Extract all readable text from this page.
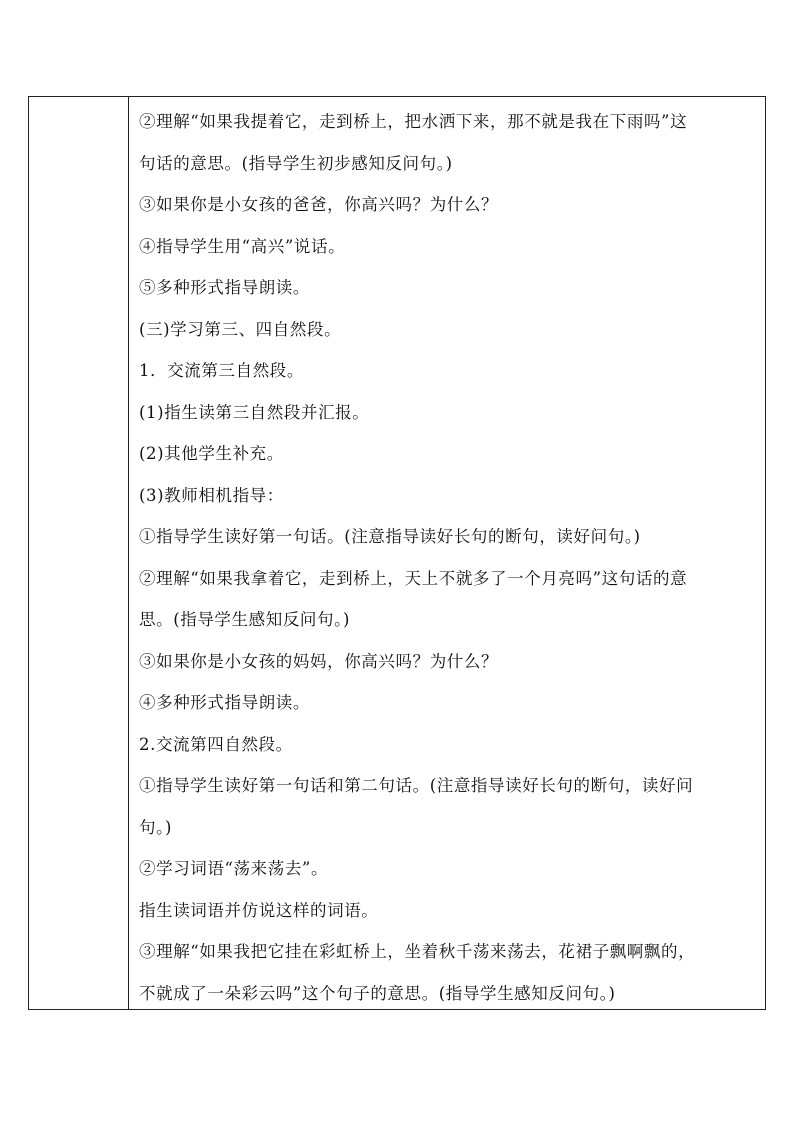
②理解“如果我提着它，走到桥上，把水洒下来，那不就是我在下雨吗”这
句话的意思。(指导学生初步感知反问句。)
③如果你是小女孩的爸爸，你高兴吗？为什么？
④指导学生用“高兴”说话。
⑤多种形式指导朗读。
(三)学习第三、四自然段。
1．交流第三自然段。
(1)指生读第三自然段并汇报。
(2)其他学生补充。
(3)教师相机指导：
①指导学生读好第一句话。(注意指导读好长句的断句，读好问句。)
②理解“如果我拿着它，走到桥上，天上不就多了一个月亮吗”这句话的意
思。(指导学生感知反问句。)
③如果你是小女孩的妈妈，你高兴吗？为什么？
④多种形式指导朗读。
2.交流第四自然段。
①指导学生读好第一句话和第二句话。(注意指导读好长句的断句，读好问
句。)
②学习词语“荡来荡去”。
指生读词语并仿说这样的词语。
③理解“如果我把它挂在彩虹桥上，坐着秋千荡来荡去，花裙子飘啊飘的，
不就成了一朵彩云吗”这个句子的意思。(指导学生感知反问句。)
